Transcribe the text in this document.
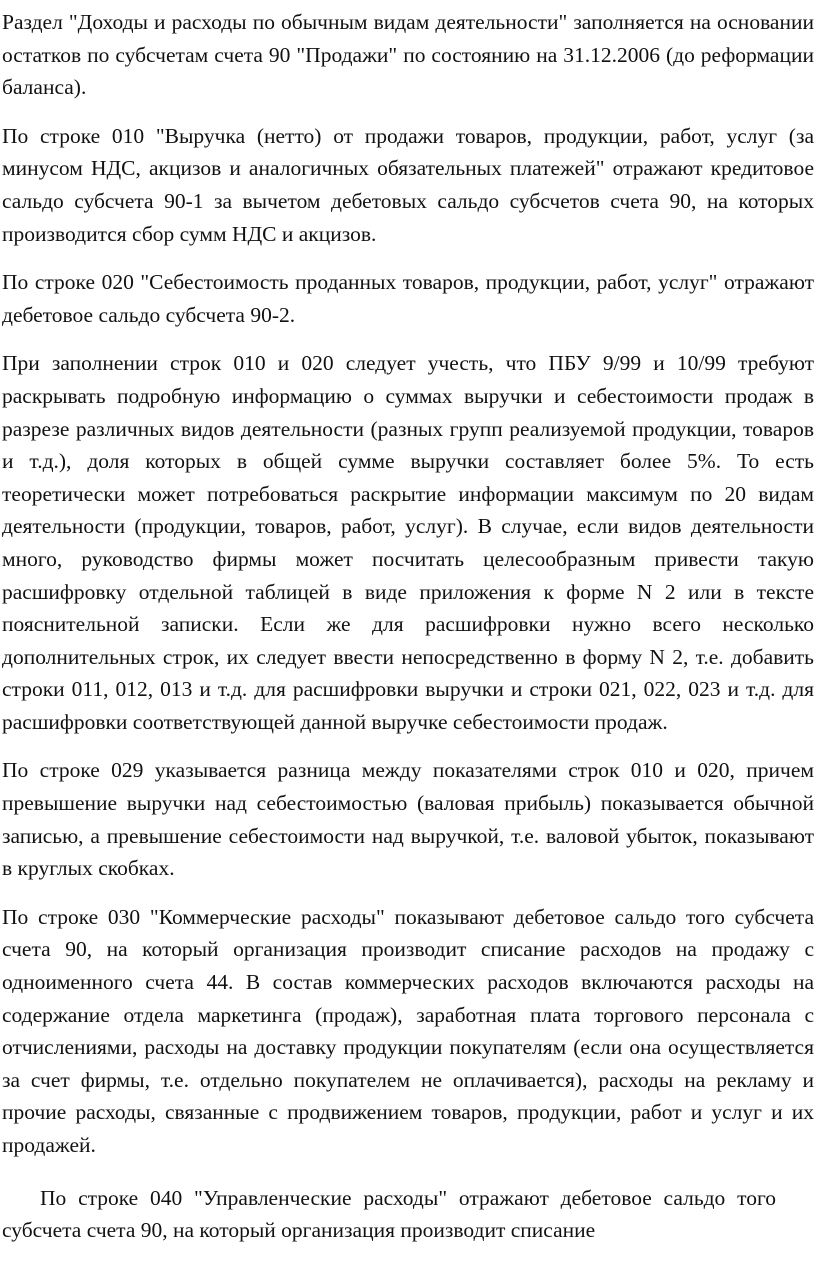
Раздел "Доходы и расходы по обычным видам деятельности" заполняется на основании остатков по субсчетам счета 90 "Продажи" по состоянию на 31.12.2006 (до реформации баланса).

По строке 010 "Выручка (нетто) от продажи товаров, продукции, работ, услуг (за минусом НДС, акцизов и аналогичных обязательных платежей" отражают кредитовое сальдо субсчета 90-1 за вычетом дебетовых сальдо субсчетов счета 90, на которых производится сбор сумм НДС и акцизов.

По строке 020 "Себестоимость проданных товаров, продукции, работ, услуг" отражают дебетовое сальдо субсчета 90-2.

При заполнении строк 010 и 020 следует учесть, что ПБУ 9/99 и 10/99 требуют раскрывать подробную информацию о суммах выручки и себестоимости продаж в разрезе различных видов деятельности (разных групп реализуемой продукции, товаров и т.д.), доля которых в общей сумме выручки составляет более 5%. То есть теоретически может потребоваться раскрытие информации максимум по 20 видам деятельности (продукции, товаров, работ, услуг). В случае, если видов деятельности много, руководство фирмы может посчитать целесообразным привести такую расшифровку отдельной таблицей в виде приложения к форме N 2 или в тексте пояснительной записки. Если же для расшифровки нужно всего несколько дополнительных строк, их следует ввести непосредственно в форму N 2, т.е. добавить строки 011, 012, 013 и т.д. для расшифровки выручки и строки 021, 022, 023 и т.д. для расшифровки соответствующей данной выручке себестоимости продаж.

По строке 029 указывается разница между показателями строк 010 и 020, причем превышение выручки над себестоимостью (валовая прибыль) показывается обычной записью, а превышение себестоимости над выручкой, т.е. валовой убыток, показывают в круглых скобках.

По строке 030 "Коммерческие расходы" показывают дебетовое сальдо того субсчета счета 90, на который организация производит списание расходов на продажу с одноименного счета 44. В состав коммерческих расходов включаются расходы на содержание отдела маркетинга (продаж), заработная плата торгового персонала с отчислениями, расходы на доставку продукции покупателям (если она осуществляется за счет фирмы, т.е. отдельно покупателем не оплачивается), расходы на рекламу и прочие расходы, связанные с продвижением товаров, продукции, работ и услуг и их продажей.

По строке 040 "Управленческие расходы" отражают дебетовое сальдо того субсчета счета 90, на который организация производит списание
